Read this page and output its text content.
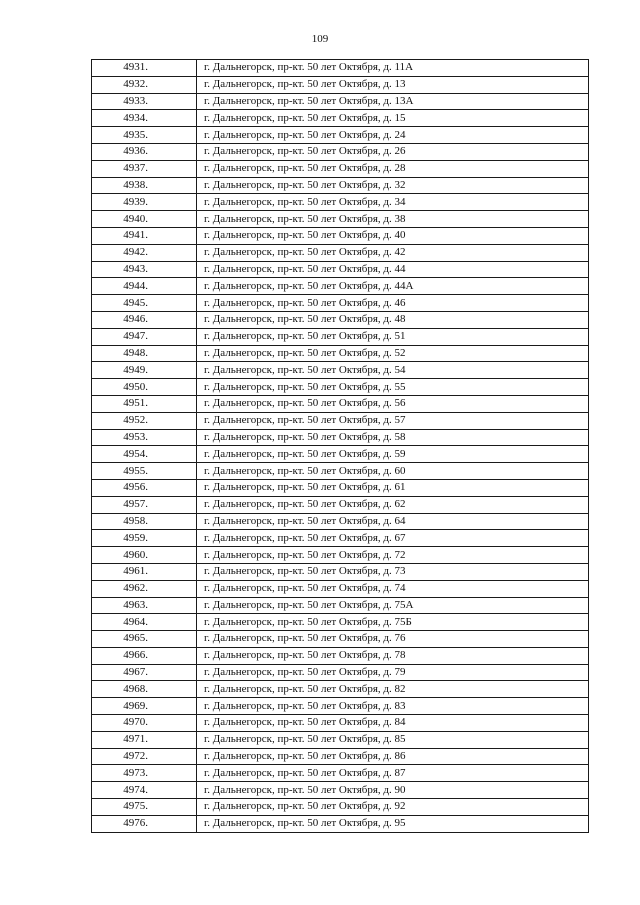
109
4931.	г. Дальнегорск, пр-кт. 50 лет Октября, д. 11А
4932.	г. Дальнегорск, пр-кт. 50 лет Октября, д. 13
4933.	г. Дальнегорск, пр-кт. 50 лет Октября, д. 13А
4934.	г. Дальнегорск, пр-кт. 50 лет Октября, д. 15
4935.	г. Дальнегорск, пр-кт. 50 лет Октября, д. 24
4936.	г. Дальнегорск, пр-кт. 50 лет Октября, д. 26
4937.	г. Дальнегорск, пр-кт. 50 лет Октября, д. 28
4938.	г. Дальнегорск, пр-кт. 50 лет Октября, д. 32
4939.	г. Дальнегорск, пр-кт. 50 лет Октября, д. 34
4940.	г. Дальнегорск, пр-кт. 50 лет Октября, д. 38
4941.	г. Дальнегорск, пр-кт. 50 лет Октября, д. 40
4942.	г. Дальнегорск, пр-кт. 50 лет Октября, д. 42
4943.	г. Дальнегорск, пр-кт. 50 лет Октября, д. 44
4944.	г. Дальнегорск, пр-кт. 50 лет Октября, д. 44А
4945.	г. Дальнегорск, пр-кт. 50 лет Октября, д. 46
4946.	г. Дальнегорск, пр-кт. 50 лет Октября, д. 48
4947.	г. Дальнегорск, пр-кт. 50 лет Октября, д. 51
4948.	г. Дальнегорск, пр-кт. 50 лет Октября, д. 52
4949.	г. Дальнегорск, пр-кт. 50 лет Октября, д. 54
4950.	г. Дальнегорск, пр-кт. 50 лет Октября, д. 55
4951.	г. Дальнегорск, пр-кт. 50 лет Октября, д. 56
4952.	г. Дальнегорск, пр-кт. 50 лет Октября, д. 57
4953.	г. Дальнегорск, пр-кт. 50 лет Октября, д. 58
4954.	г. Дальнегорск, пр-кт. 50 лет Октября, д. 59
4955.	г. Дальнегорск, пр-кт. 50 лет Октября, д. 60
4956.	г. Дальнегорск, пр-кт. 50 лет Октября, д. 61
4957.	г. Дальнегорск, пр-кт. 50 лет Октября, д. 62
4958.	г. Дальнегорск, пр-кт. 50 лет Октября, д. 64
4959.	г. Дальнегорск, пр-кт. 50 лет Октября, д. 67
4960.	г. Дальнегорск, пр-кт. 50 лет Октября, д. 72
4961.	г. Дальнегорск, пр-кт. 50 лет Октября, д. 73
4962.	г. Дальнегорск, пр-кт. 50 лет Октября, д. 74
4963.	г. Дальнегорск, пр-кт. 50 лет Октября, д. 75А
4964.	г. Дальнегорск, пр-кт. 50 лет Октября, д. 75Б
4965.	г. Дальнегорск, пр-кт. 50 лет Октября, д. 76
4966.	г. Дальнегорск, пр-кт. 50 лет Октября, д. 78
4967.	г. Дальнегорск, пр-кт. 50 лет Октября, д. 79
4968.	г. Дальнегорск, пр-кт. 50 лет Октября, д. 82
4969.	г. Дальнегорск, пр-кт. 50 лет Октября, д. 83
4970.	г. Дальнегорск, пр-кт. 50 лет Октября, д. 84
4971.	г. Дальнегорск, пр-кт. 50 лет Октября, д. 85
4972.	г. Дальнегорск, пр-кт. 50 лет Октября, д. 86
4973.	г. Дальнегорск, пр-кт. 50 лет Октября, д. 87
4974.	г. Дальнегорск, пр-кт. 50 лет Октября, д. 90
4975.	г. Дальнегорск, пр-кт. 50 лет Октября, д. 92
4976.	г. Дальнегорск, пр-кт. 50 лет Октября, д. 95
